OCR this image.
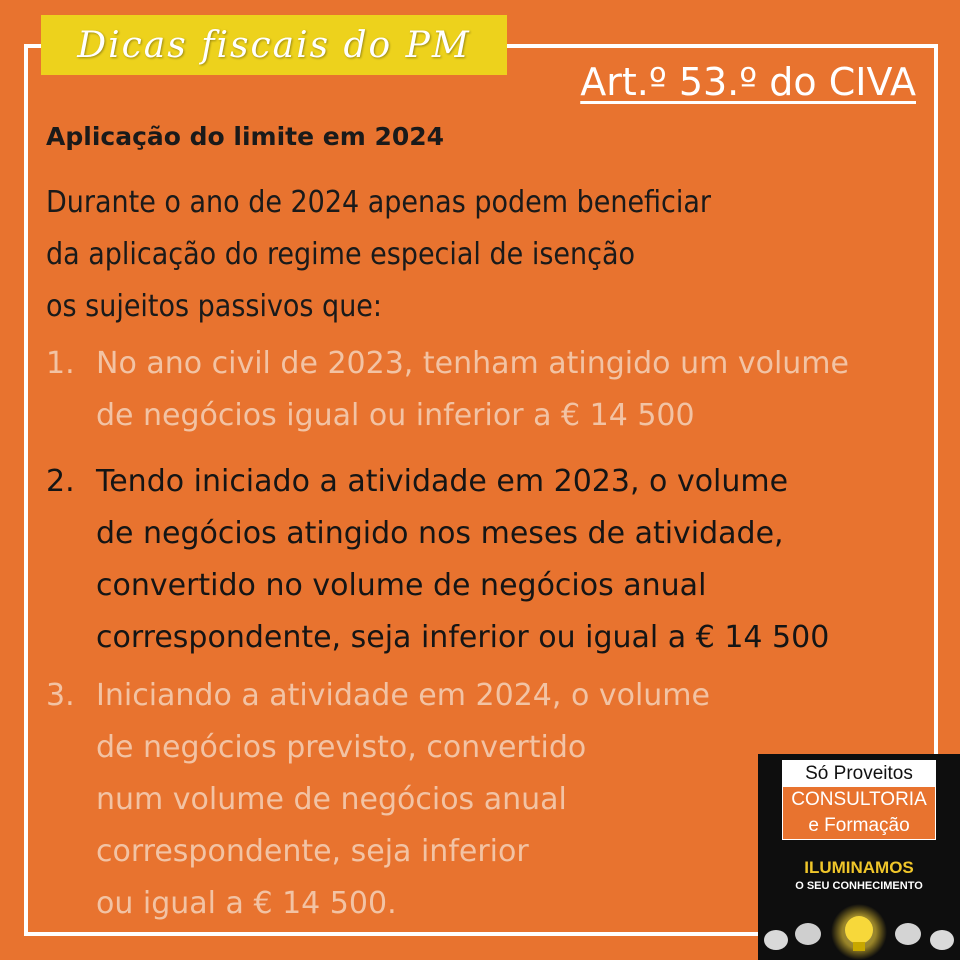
Dicas fiscais do PM
Art.º 53.º do CIVA
Aplicação do limite em 2024
Durante o ano de 2024 apenas podem beneficiar
da aplicação do regime especial de isenção
os sujeitos passivos que:
1. No ano civil de 2023, tenham atingido um volume
de negócios igual ou inferior a € 14 500
2. Tendo iniciado a atividade em 2023, o volume
de negócios atingido nos meses de atividade,
convertido no volume de negócios anual
correspondente, seja inferior ou igual a € 14 500
3. Iniciando a atividade em 2024, o volume
de negócios previsto, convertido
num volume de negócios anual
correspondente, seja inferior
ou igual a € 14 500.
Só Proveitos
CONSULTORIA
e Formação
ILUMINAMOS
O SEU CONHECIMENTO
